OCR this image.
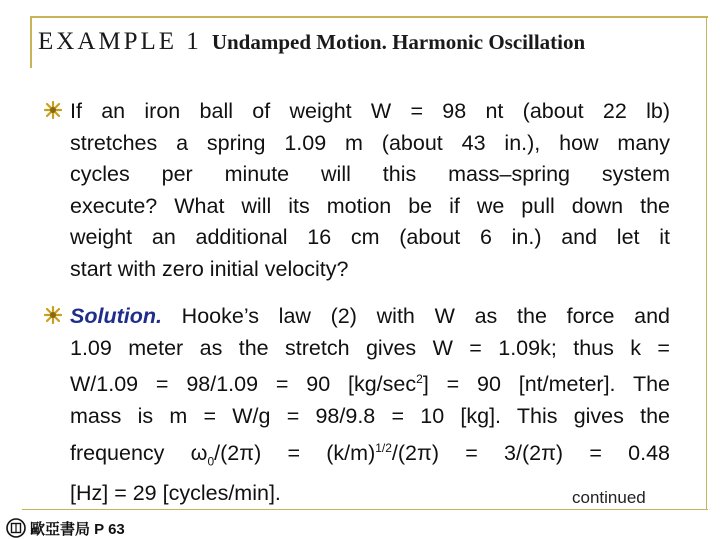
EXAMPLE 1 Undamped Motion. Harmonic Oscillation
If an iron ball of weight W = 98 nt (about 22 lb)
stretches a spring 1.09 m (about 43 in.), how many
cycles per minute will this mass–spring system
execute? What will its motion be if we pull down the
weight an additional 16 cm (about 6 in.) and let it
start with zero initial velocity?
Solution. Hooke’s law (2) with W as the force and
1.09 meter as the stretch gives W = 1.09k; thus k =
W/1.09 = 98/1.09 = 90 $[kg/\sec^2] = 90$ [nt/meter]. The
mass is m = W/g = 98/9.8 = 10 [kg]. This gives the
frequency $\omega_0/(2\pi) = (k/m)^{1/2}/(2\pi) = 3/(2\pi) = 0.48$
[Hz] = 29 [cycles/min].	continued
歐亞書局 P 63
